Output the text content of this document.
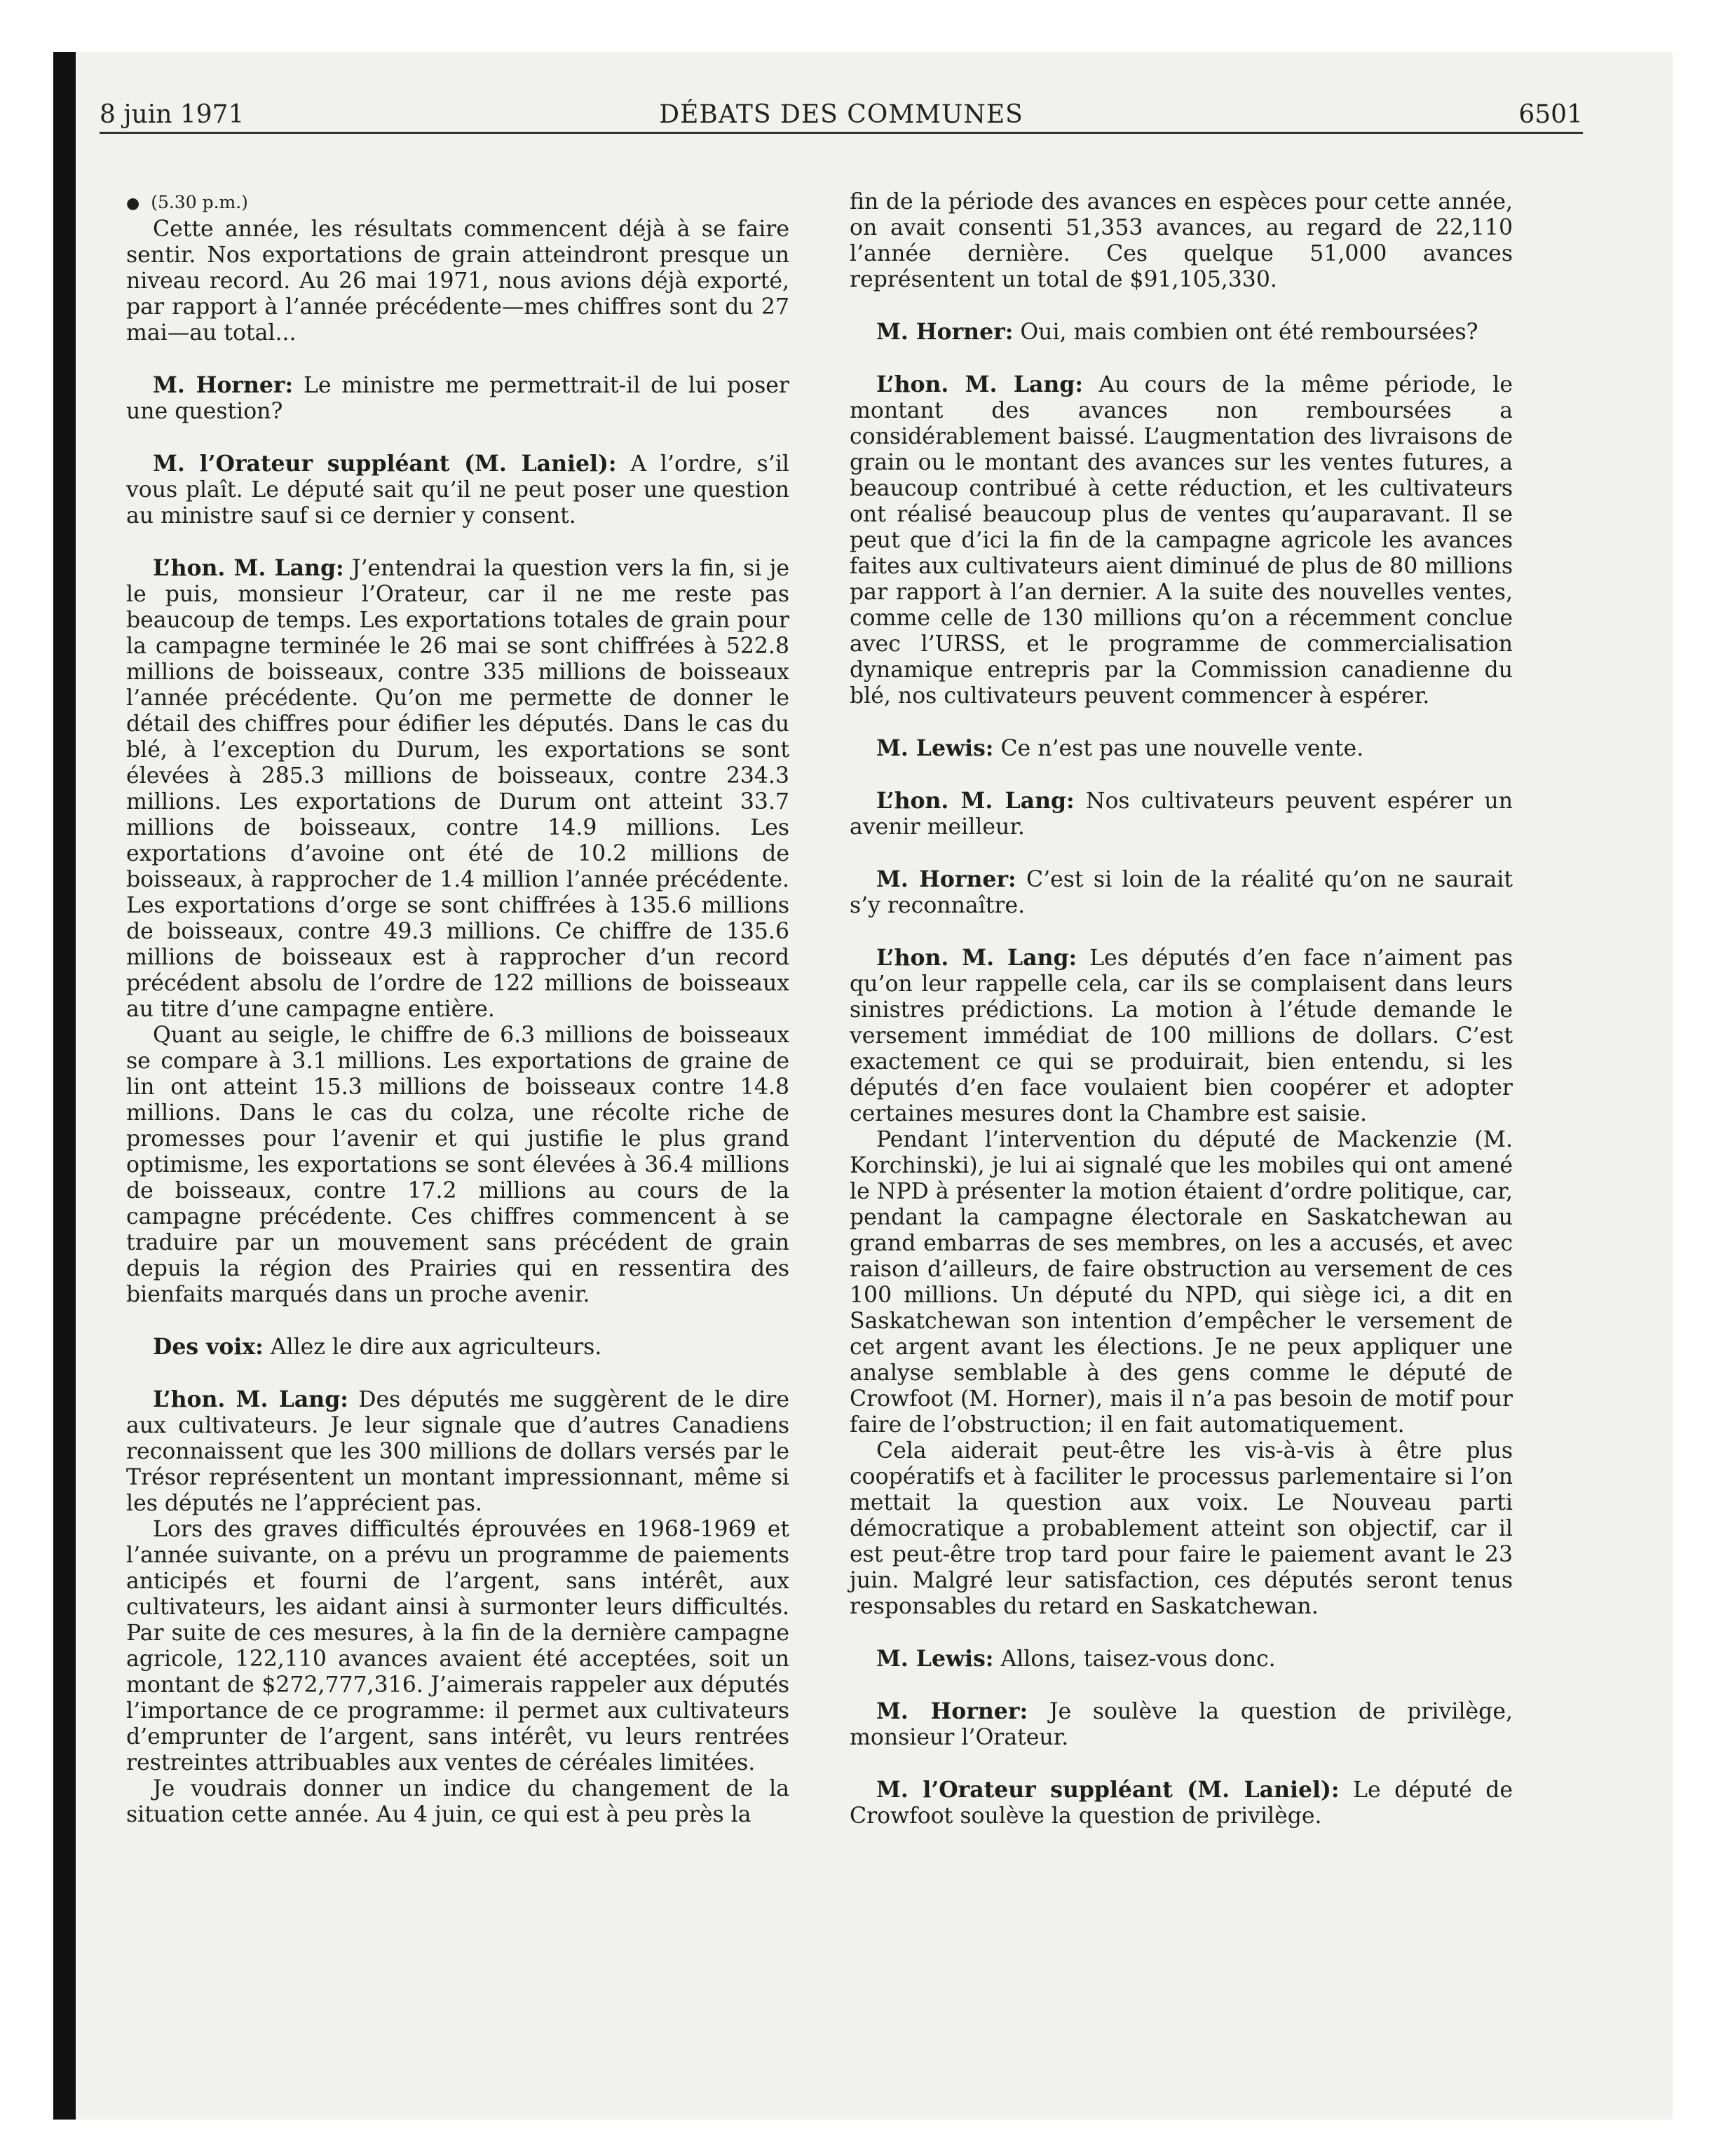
8 juin 1971	DÉBATS DES COMMUNES	6501

● (5.30 p.m.)

Cette année, les résultats commencent déjà à se faire sentir. Nos exportations de grain atteindront presque un niveau record. Au 26 mai 1971, nous avions déjà exporté, par rapport à l’année précédente—mes chiffres sont du 27 mai—au total...

M. Horner: Le ministre me permettrait-il de lui poser une question?

M. l’Orateur suppléant (M. Laniel): A l’ordre, s’il vous plaît. Le député sait qu’il ne peut poser une question au ministre sauf si ce dernier y consent.

L’hon. M. Lang: J’entendrai la question vers la fin, si je le puis, monsieur l’Orateur, car il ne me reste pas beaucoup de temps. Les exportations totales de grain pour la campagne terminée le 26 mai se sont chiffrées à 522.8 millions de boisseaux, contre 335 millions de boisseaux l’année précédente. Qu’on me permette de donner le détail des chiffres pour édifier les députés. Dans le cas du blé, à l’exception du Durum, les exportations se sont élevées à 285.3 millions de boisseaux, contre 234.3 millions. Les exportations de Durum ont atteint 33.7 millions de boisseaux, contre 14.9 millions. Les exportations d’avoine ont été de 10.2 millions de boisseaux, à rapprocher de 1.4 million l’année précédente. Les exportations d’orge se sont chiffrées à 135.6 millions de boisseaux, contre 49.3 millions. Ce chiffre de 135.6 millions de boisseaux est à rapprocher d’un record précédent absolu de l’ordre de 122 millions de boisseaux au titre d’une campagne entière.

Quant au seigle, le chiffre de 6.3 millions de boisseaux se compare à 3.1 millions. Les exportations de graine de lin ont atteint 15.3 millions de boisseaux contre 14.8 millions. Dans le cas du colza, une récolte riche de promesses pour l’avenir et qui justifie le plus grand optimisme, les exportations se sont élevées à 36.4 millions de boisseaux, contre 17.2 millions au cours de la campagne précédente. Ces chiffres commencent à se traduire par un mouvement sans précédent de grain depuis la région des Prairies qui en ressentira des bienfaits marqués dans un proche avenir.

Des voix: Allez le dire aux agriculteurs.

L’hon. M. Lang: Des députés me suggèrent de le dire aux cultivateurs. Je leur signale que d’autres Canadiens reconnaissent que les 300 millions de dollars versés par le Trésor représentent un montant impressionnant, même si les députés ne l’apprécient pas.

Lors des graves difficultés éprouvées en 1968-1969 et l’année suivante, on a prévu un programme de paiements anticipés et fourni de l’argent, sans intérêt, aux cultivateurs, les aidant ainsi à surmonter leurs difficultés. Par suite de ces mesures, à la fin de la dernière campagne agricole, 122,110 avances avaient été acceptées, soit un montant de $272,777,316. J’aimerais rappeler aux députés l’importance de ce programme: il permet aux cultivateurs d’emprunter de l’argent, sans intérêt, vu leurs rentrées restreintes attribuables aux ventes de céréales limitées.

Je voudrais donner un indice du changement de la situation cette année. Au 4 juin, ce qui est à peu près la

fin de la période des avances en espèces pour cette année, on avait consenti 51,353 avances, au regard de 22,110 l’année dernière. Ces quelque 51,000 avances représentent un total de $91,105,330.

M. Horner: Oui, mais combien ont été remboursées?

L’hon. M. Lang: Au cours de la même période, le montant des avances non remboursées a considérablement baissé. L’augmentation des livraisons de grain ou le montant des avances sur les ventes futures, a beaucoup contribué à cette réduction, et les cultivateurs ont réalisé beaucoup plus de ventes qu’auparavant. Il se peut que d’ici la fin de la campagne agricole les avances faites aux cultivateurs aient diminué de plus de 80 millions par rapport à l’an dernier. A la suite des nouvelles ventes, comme celle de 130 millions qu’on a récemment conclue avec l’URSS, et le programme de commercialisation dynamique entrepris par la Commission canadienne du blé, nos cultivateurs peuvent commencer à espérer.

M. Lewis: Ce n’est pas une nouvelle vente.

L’hon. M. Lang: Nos cultivateurs peuvent espérer un avenir meilleur.

M. Horner: C’est si loin de la réalité qu’on ne saurait s’y reconnaître.

L’hon. M. Lang: Les députés d’en face n’aiment pas qu’on leur rappelle cela, car ils se complaisent dans leurs sinistres prédictions. La motion à l’étude demande le versement immédiat de 100 millions de dollars. C’est exactement ce qui se produirait, bien entendu, si les députés d’en face voulaient bien coopérer et adopter certaines mesures dont la Chambre est saisie.

Pendant l’intervention du député de Mackenzie (M. Korchinski), je lui ai signalé que les mobiles qui ont amené le NPD à présenter la motion étaient d’ordre politique, car, pendant la campagne électorale en Saskatchewan au grand embarras de ses membres, on les a accusés, et avec raison d’ailleurs, de faire obstruction au versement de ces 100 millions. Un député du NPD, qui siège ici, a dit en Saskatchewan son intention d’empêcher le versement de cet argent avant les élections. Je ne peux appliquer une analyse semblable à des gens comme le député de Crowfoot (M. Horner), mais il n’a pas besoin de motif pour faire de l’obstruction; il en fait automatiquement.

Cela aiderait peut-être les vis-à-vis à être plus coopératifs et à faciliter le processus parlementaire si l’on mettait la question aux voix. Le Nouveau parti démocratique a probablement atteint son objectif, car il est peut-être trop tard pour faire le paiement avant le 23 juin. Malgré leur satisfaction, ces députés seront tenus responsables du retard en Saskatchewan.

M. Lewis: Allons, taisez-vous donc.

M. Horner: Je soulève la question de privilège, monsieur l’Orateur.

M. l’Orateur suppléant (M. Laniel): Le député de Crowfoot soulève la question de privilège.
